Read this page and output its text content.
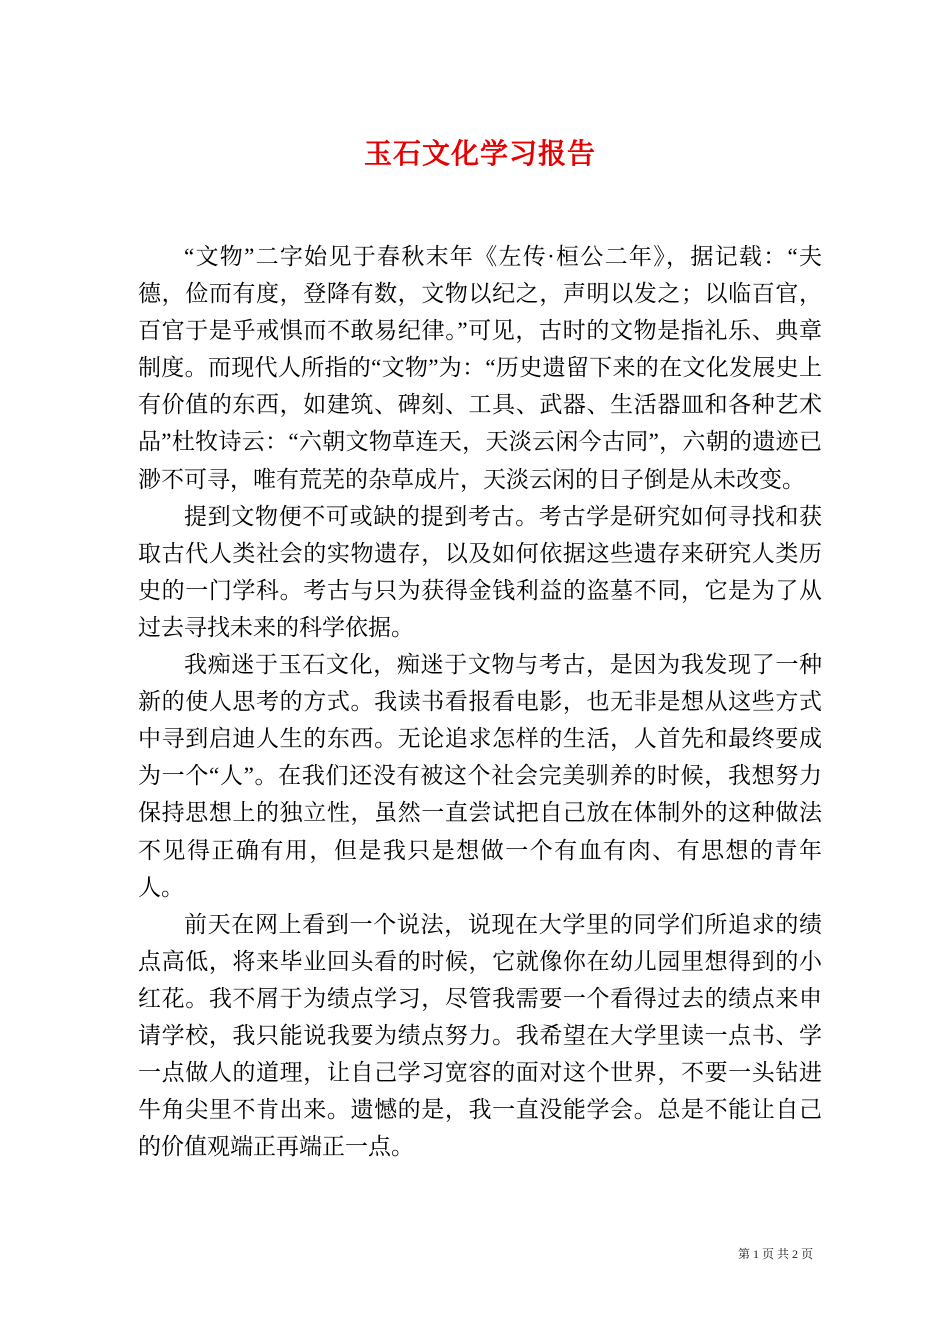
玉石文化学习报告

“文物”二字始见于春秋末年《左传·桓公二年》，据记载：“夫德，俭而有度，登降有数，文物以纪之，声明以发之；以临百官，百官于是乎戒惧而不敢易纪律。”可见，古时的文物是指礼乐、典章制度。而现代人所指的“文物”为：“历史遗留下来的在文化发展史上有价值的东西，如建筑、碑刻、工具、武器、生活器皿和各种艺术品”杜牧诗云：“六朝文物草连天，天淡云闲今古同”，六朝的遗迹已渺不可寻，唯有荒芜的杂草成片，天淡云闲的日子倒是从未改变。

提到文物便不可或缺的提到考古。考古学是研究如何寻找和获取古代人类社会的实物遗存，以及如何依据这些遗存来研究人类历史的一门学科。考古与只为获得金钱利益的盗墓不同，它是为了从过去寻找未来的科学依据。

我痴迷于玉石文化，痴迷于文物与考古，是因为我发现了一种新的使人思考的方式。我读书看报看电影，也无非是想从这些方式中寻到启迪人生的东西。无论追求怎样的生活，人首先和最终要成为一个“人”。在我们还没有被这个社会完美驯养的时候，我想努力保持思想上的独立性，虽然一直尝试把自己放在体制外的这种做法不见得正确有用，但是我只是想做一个有血有肉、有思想的青年人。

前天在网上看到一个说法，说现在大学里的同学们所追求的绩点高低，将来毕业回头看的时候，它就像你在幼儿园里想得到的小红花。我不屑于为绩点学习，尽管我需要一个看得过去的绩点来申请学校，我只能说我要为绩点努力。我希望在大学里读一点书、学一点做人的道理，让自己学习宽容的面对这个世界，不要一头钻进牛角尖里不肯出来。遗憾的是，我一直没能学会。总是不能让自己的价值观端正再端正一点。

第 1 页 共 2 页
